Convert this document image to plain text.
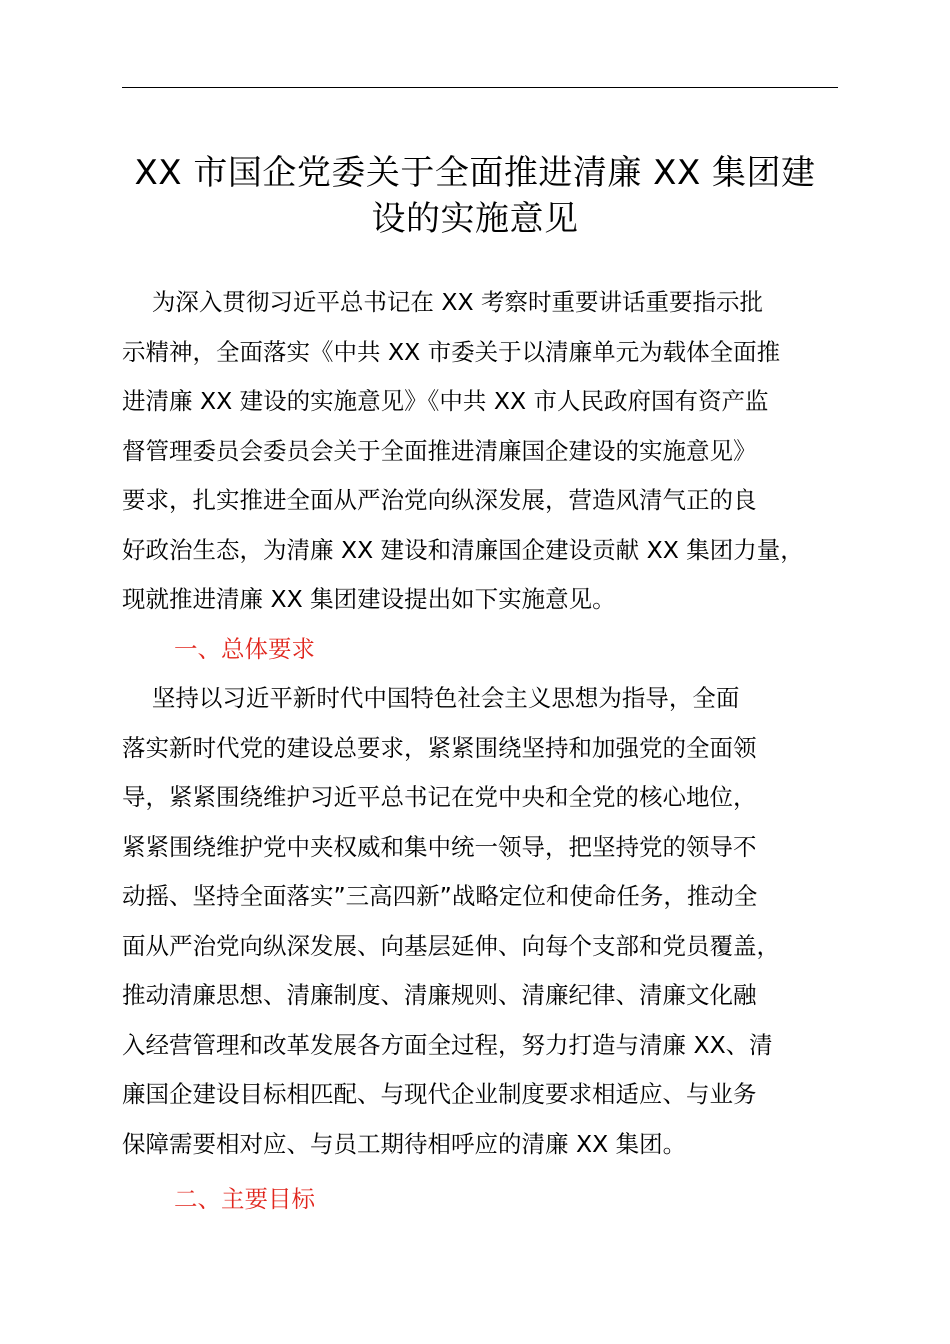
XX 市国企党委关于全面推进清廉 XX 集团建
设的实施意见

为深入贯彻习近平总书记在 XX 考察时重要讲话重要指示批
示精神，全面落实《中共 XX 市委关于以清廉单元为载体全面推
进清廉 XX 建设的实施意见》《中共 XX 市人民政府国有资产监
督管理委员会委员会关于全面推进清廉国企建设的实施意见》
要求，扎实推进全面从严治党向纵深发展，营造风清气正的良
好政治生态，为清廉 XX 建设和清廉国企建设贡献 XX 集团力量，
现就推进清廉 XX 集团建设提出如下实施意见。

一、总体要求

坚持以习近平新时代中国特色社会主义思想为指导，全面
落实新时代党的建设总要求，紧紧围绕坚持和加强党的全面领
导，紧紧围绕维护习近平总书记在党中央和全党的核心地位，
紧紧围绕维护党中夹权威和集中统一领导，把坚持党的领导不
动摇、坚持全面落实”三高四新”战略定位和使命任务，推动全
面从严治党向纵深发展、向基层延伸、向每个支部和党员覆盖，
推动清廉思想、清廉制度、清廉规则、清廉纪律、清廉文化融
入经营管理和改革发展各方面全过程，努力打造与清廉 XX、清
廉国企建设目标相匹配、与现代企业制度要求相适应、与业务
保障需要相对应、与员工期待相呼应的清廉 XX 集团。

二、主要目标
